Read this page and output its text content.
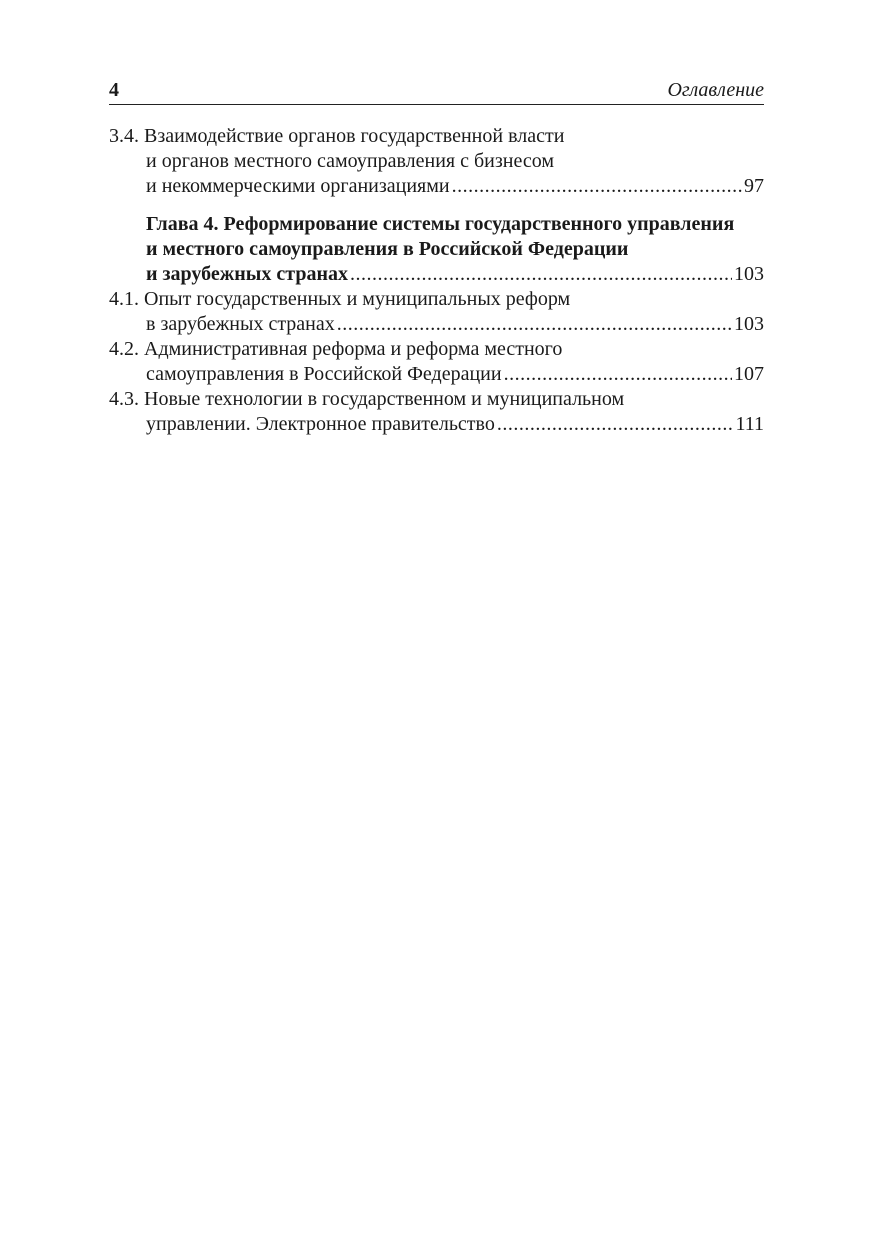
4	Оглавление
3.4. Взаимодействие органов государственной власти
и органов местного самоуправления с бизнесом
и некоммерческими организациями .....	97
Глава 4. Реформирование системы государственного управления
и местного самоуправления в Российской Федерации
и зарубежных странах .....	103
4.1. Опыт государственных и муниципальных реформ
в зарубежных странах .....	103
4.2. Административная реформа и реформа местного
самоуправления в Российской Федерации .....	107
4.3. Новые технологии в государственном и муниципальном
управлении. Электронное правительство .....	111
